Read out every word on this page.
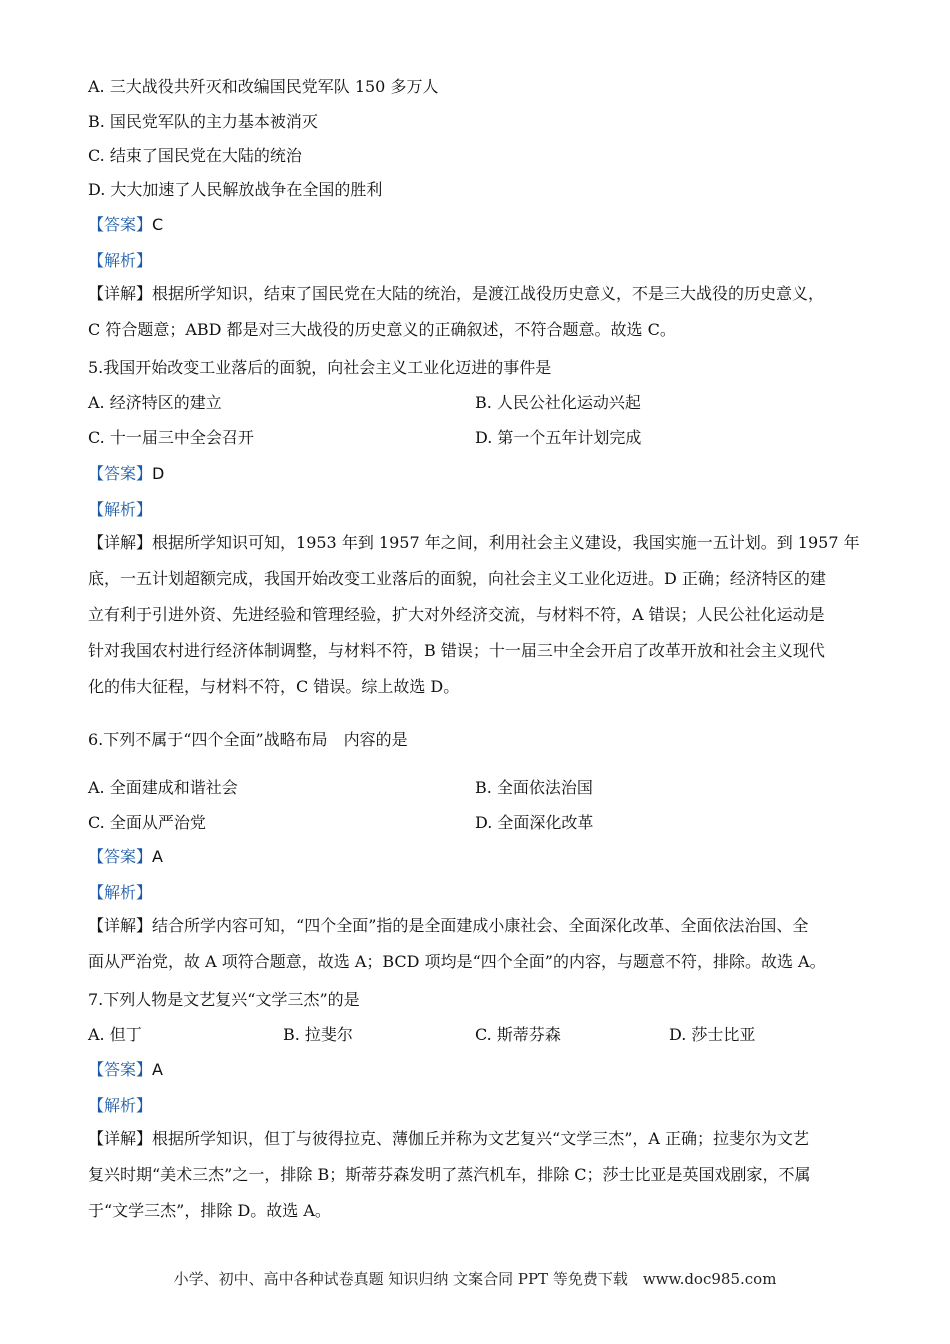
A. 三大战役共歼灭和改编国民党军队 150 多万人
B. 国民党军队的主力基本被消灭
C. 结束了国民党在大陆的统治
D. 大大加速了人民解放战争在全国的胜利
【答案】C
【解析】
【详解】根据所学知识，结束了国民党在大陆的统治，是渡江战役历史意义，不是三大战役的历史意义，
C 符合题意；ABD 都是对三大战役的历史意义的正确叙述，不符合题意。故选 C。
5.我国开始改变工业落后的面貌，向社会主义工业化迈进的事件是
A. 经济特区的建立	B. 人民公社化运动兴起
C. 十一届三中全会召开	D. 第一个五年计划完成
【答案】D
【解析】
【详解】根据所学知识可知，1953 年到 1957 年之间，利用社会主义建设，我国实施一五计划。到 1957 年
底，一五计划超额完成，我国开始改变工业落后的面貌，向社会主义工业化迈进。D 正确；经济特区的建
立有利于引进外资、先进经验和管理经验，扩大对外经济交流，与材料不符，A 错误；人民公社化运动是
针对我国农村进行经济体制调整，与材料不符，B 错误；十一届三中全会开启了改革开放和社会主义现代
化的伟大征程，与材料不符，C 错误。综上故选 D。
6.下列不属于“四个全面”战略布局　内容的是
A. 全面建成和谐社会	B. 全面依法治国
C. 全面从严治党	D. 全面深化改革
【答案】A
【解析】
【详解】结合所学内容可知，“四个全面”指的是全面建成小康社会、全面深化改革、全面依法治国、全
面从严治党，故 A 项符合题意，故选 A；BCD 项均是“四个全面”的内容，与题意不符，排除。故选 A。
7.下列人物是文艺复兴“文学三杰”的是
A. 但丁	B. 拉斐尔	C. 斯蒂芬森	D. 莎士比亚
【答案】A
【解析】
【详解】根据所学知识，但丁与彼得拉克、薄伽丘并称为文艺复兴“文学三杰”，A 正确；拉斐尔为文艺
复兴时期“美术三杰”之一，排除 B；斯蒂芬森发明了蒸汽机车，排除 C；莎士比亚是英国戏剧家，不属
于“文学三杰”，排除 D。故选 A。
小学、初中、高中各种试卷真题 知识归纳 文案合同 PPT 等免费下载　www.doc985.com
